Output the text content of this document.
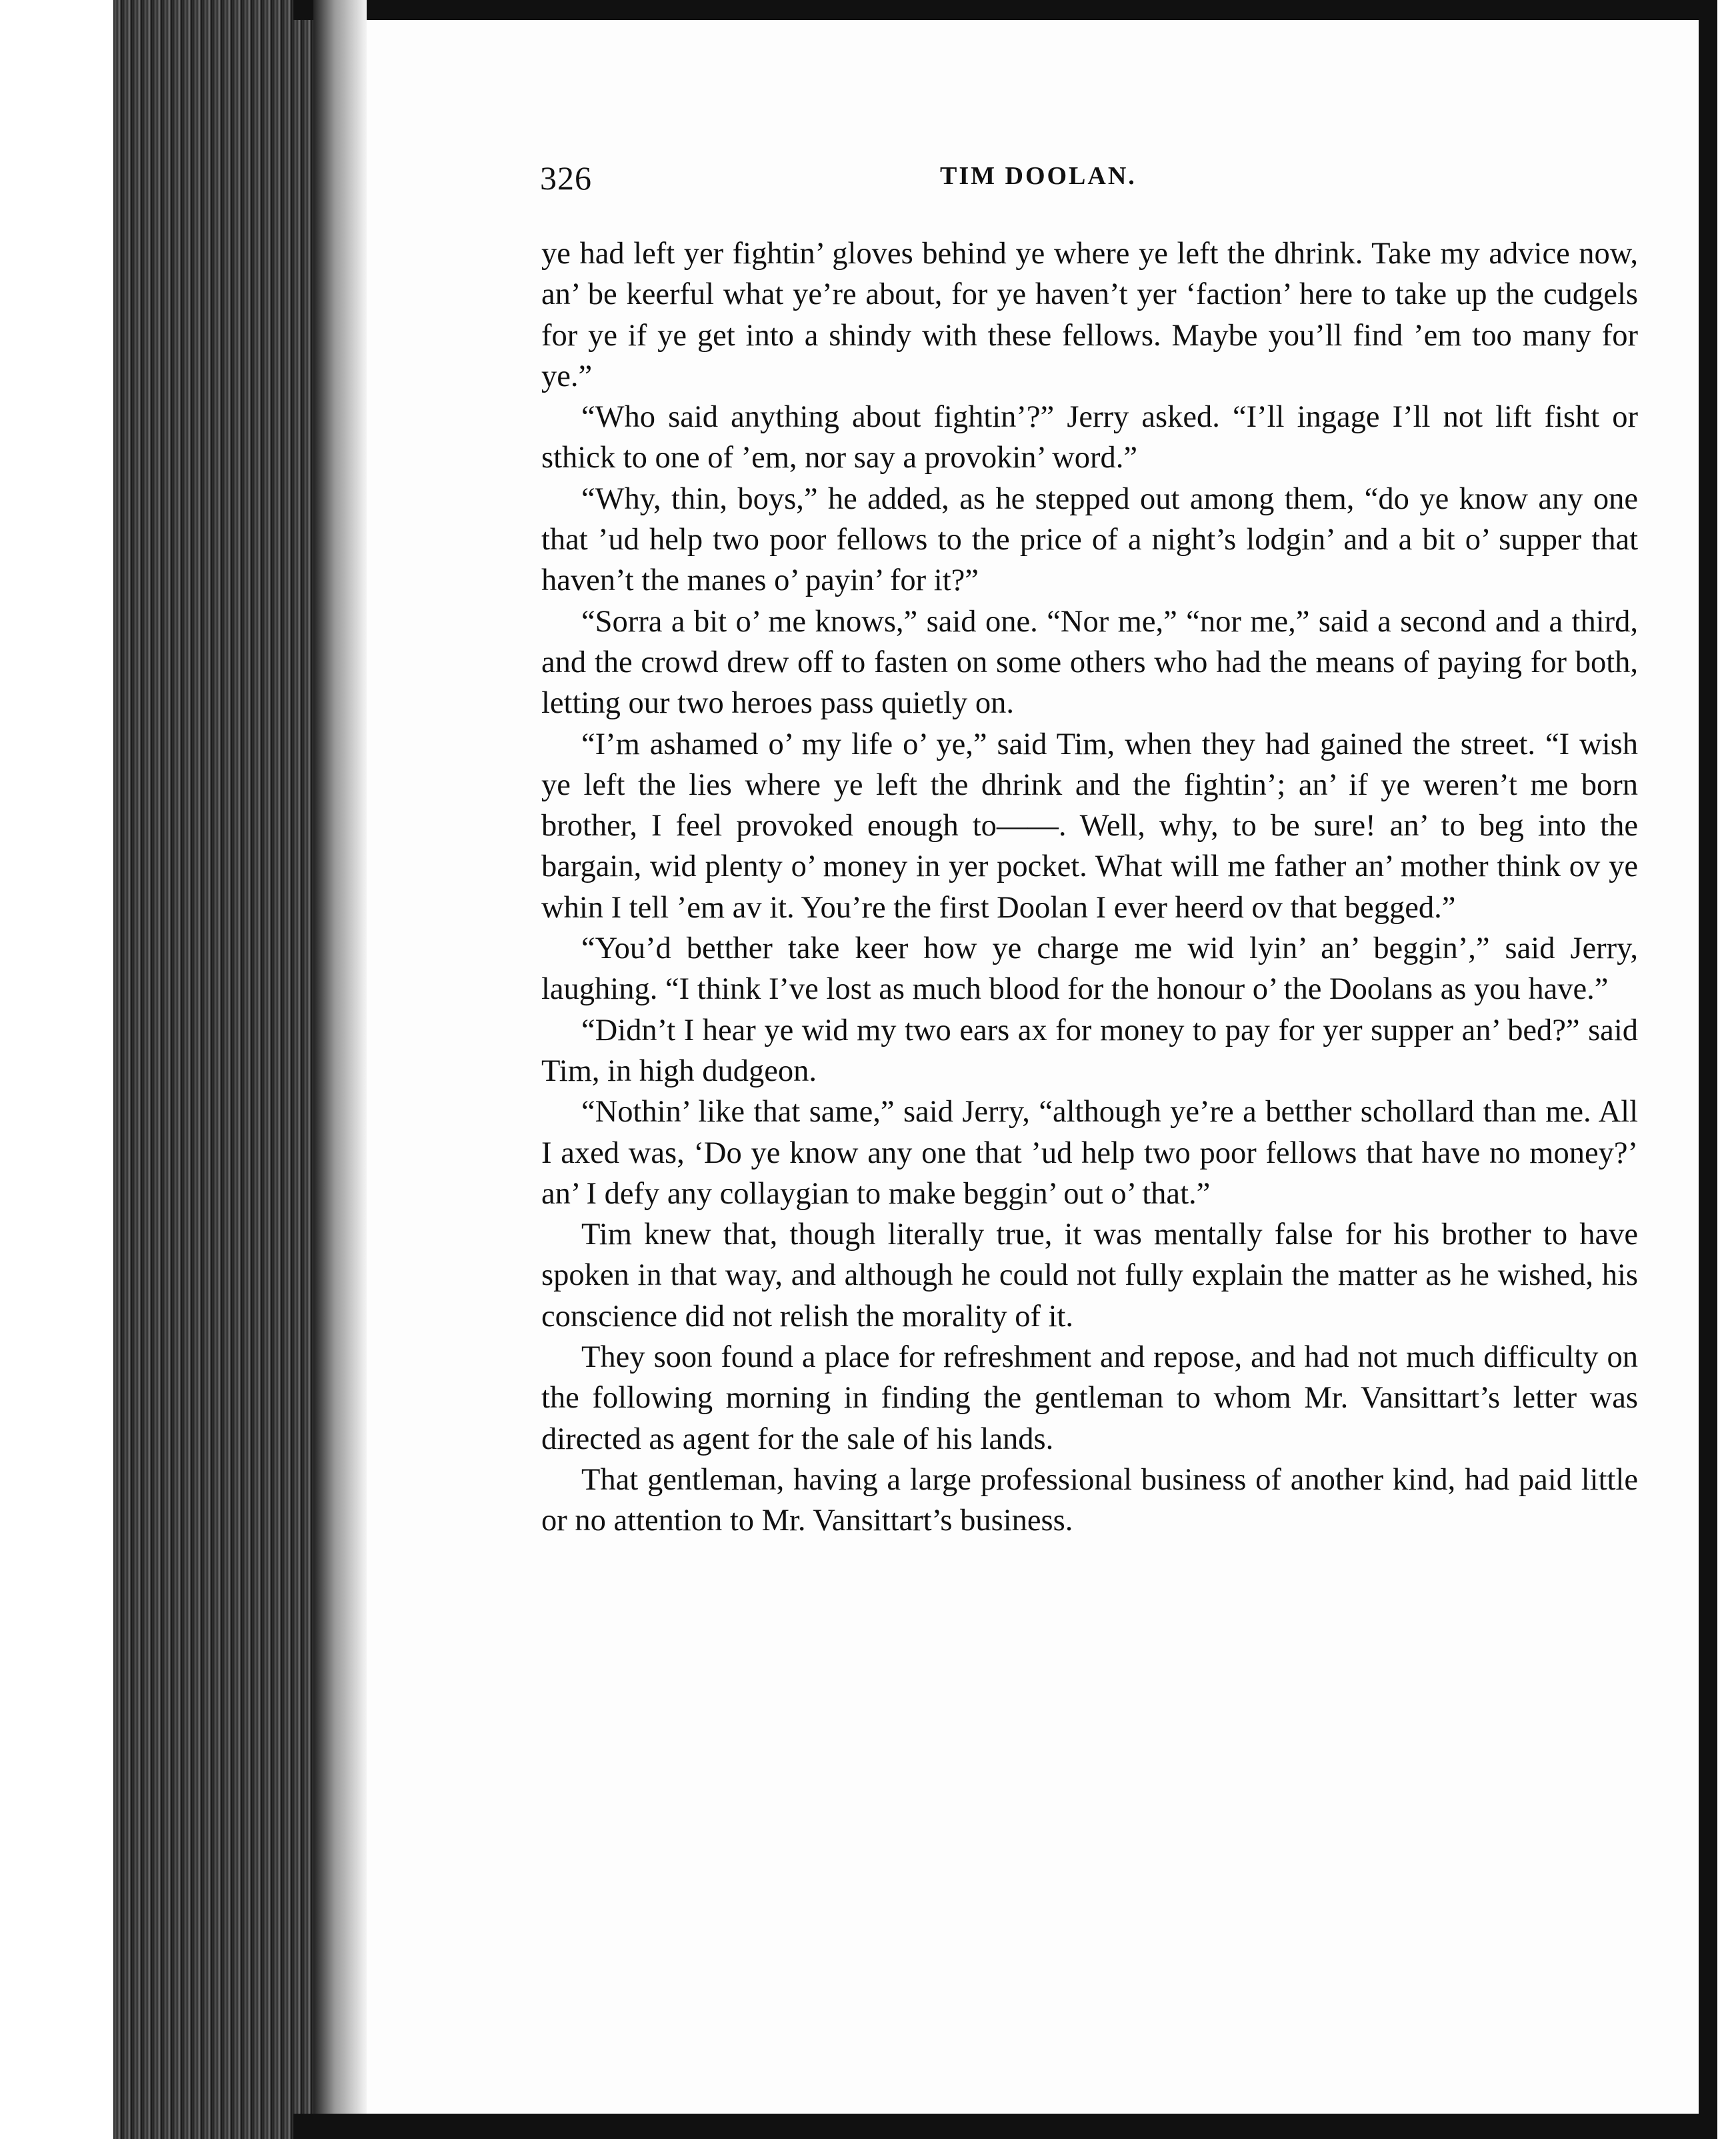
326	TIM DOOLAN.

ye had left yer fightin’ gloves behind ye where ye left the dhrink. Take my advice now, an’ be keerful what ye’re about, for ye haven’t yer ‘faction’ here to take up the cudgels for ye if ye get into a shindy with these fellows. Maybe you’ll find ’em too many for ye.”

“Who said anything about fightin’?” Jerry asked. “I’ll ingage I’ll not lift fisht or sthick to one of ’em, nor say a provokin’ word.”

“Why, thin, boys,” he added, as he stepped out among them, “do ye know any one that ’ud help two poor fellows to the price of a night’s lodgin’ and a bit o’ supper that haven’t the manes o’ payin’ for it?”

“Sorra a bit o’ me knows,” said one. “Nor me,” “nor me,” said a second and a third, and the crowd drew off to fasten on some others who had the means of paying for both, letting our two heroes pass quietly on.

“I’m ashamed o’ my life o’ ye,” said Tim, when they had gained the street. “I wish ye left the lies where ye left the dhrink and the fightin’; an’ if ye weren’t me born brother, I feel provoked enough to——. Well, why, to be sure! an’ to beg into the bargain, wid plenty o’ money in yer pocket. What will me father an’ mother think ov ye whin I tell ’em av it. You’re the first Doolan I ever heerd ov that begged.”

“You’d betther take keer how ye charge me wid lyin’ an’ beggin’,” said Jerry, laughing. “I think I’ve lost as much blood for the honour o’ the Doolans as you have.”

“Didn’t I hear ye wid my two ears ax for money to pay for yer supper an’ bed?” said Tim, in high dudgeon.

“Nothin’ like that same,” said Jerry, “although ye’re a betther schollard than me. All I axed was, ‘Do ye know any one that ’ud help two poor fellows that have no money?’ an’ I defy any collaygian to make beggin’ out o’ that.”

Tim knew that, though literally true, it was mentally false for his brother to have spoken in that way, and although he could not fully explain the matter as he wished, his conscience did not relish the morality of it.

They soon found a place for refreshment and repose, and had not much difficulty on the following morning in finding the gentleman to whom Mr. Vansittart’s letter was directed as agent for the sale of his lands.

That gentleman, having a large professional business of another kind, had paid little or no attention to Mr. Vansittart’s business.
